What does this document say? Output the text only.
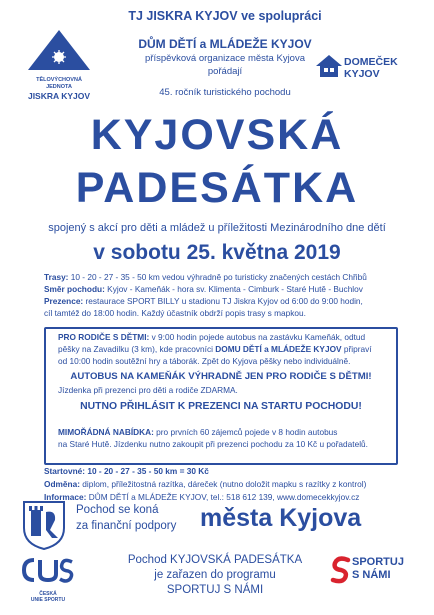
TĚLOVÝCHOVNÁ JEDNOTA
JISKRA KYJOV
DOMEČEK
KYJOV
TJ JISKRA KYJOV ve spolupráci
DŮM DĚTÍ a MLÁDEŽE KYJOV
příspěvková organizace města Kyjova
pořádají
45. ročník turistického pochodu
KYJOVSKÁ
PADESÁTKA
spojený s akcí pro děti a mládež u příležitosti Mezinárodního dne dětí
v sobotu 25. května 2019
Trasy: 10 - 20 - 27 - 35 - 50 km vedou výhradně po turisticky značených cestách Chřibů
Směr pochodu: Kyjov - Kameňák - hora sv. Klimenta - Cimburk - Staré Hutě - Buchlov
Prezence: restaurace SPORT BILLY u stadionu TJ Jiskra Kyjov od 6:00 do 9:00 hodin,
cíl tamtéž do 18:00 hodin. Každý účastník obdrží popis trasy s mapkou.
PRO RODIČE S DĚTMI: v 9:00 hodin pojede autobus na zastávku Kameňák, odtud
pěšky na Zavadilku (3 km), kde pracovníci DOMU DĚTÍ a MLÁDEŽE KYJOV připraví
od 10:00 hodin soutěžní hry a táborák. Zpět do Kyjova pěšky nebo individuálně.
AUTOBUS NA KAMEŇÁK VÝHRADNĚ JEN PRO RODIČE S DĚTMI!
Jízdenka při prezenci pro děti a rodiče ZDARMA.
NUTNO PŘIHLÁSIT K PREZENCI NA STARTU POCHODU!
MIMOŘÁDNÁ NABÍDKA: pro prvních 60 zájemců pojede v 8 hodin autobus
na Staré Hutě. Jízdenku nutno zakoupit při prezenci pochodu za 10 Kč u pořadatelů.
Startovné: 10 - 20 - 27 - 35 - 50 km = 30 Kč
Odměna: diplom, příležitostná razítka, dáreček (nutno doložit mapku s razítky z kontrol)
Informace: DŮM DĚTÍ a MLÁDEŽE KYJOV, tel.: 518 612 139, www.domecekkyjov.cz
Pochod se koná
za finanční podpory města Kyjova
ČESKÁ
UNIE SPORTU
Pochod KYJOVSKÁ PADESÁTKA
je zařazen do programu
SPORTUJ S NÁMI
SPORTUJ
S NÁMI
